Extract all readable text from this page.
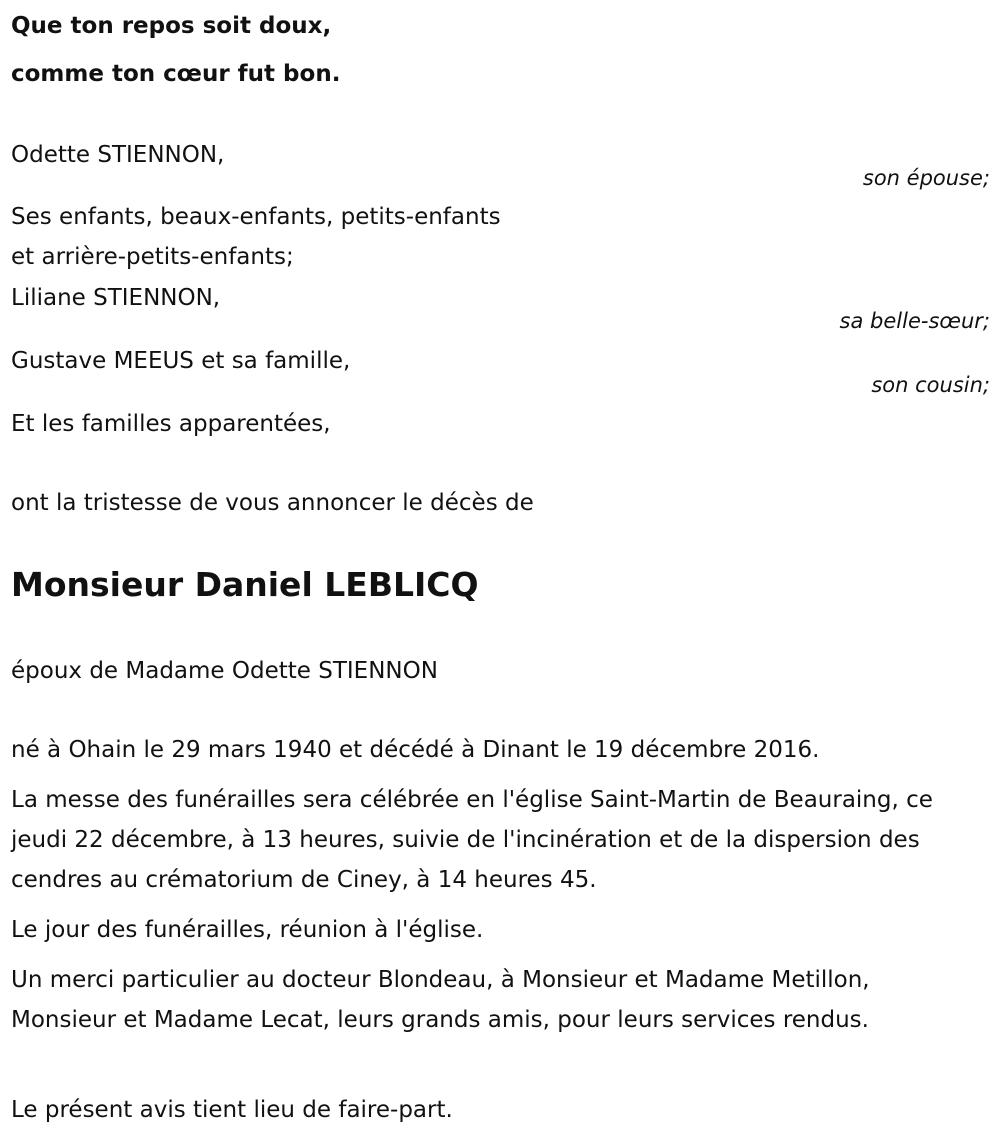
Que ton repos soit doux,
comme ton cœur fut bon.
Odette STIENNON,
son épouse;
Ses enfants, beaux-enfants, petits-enfants
et arrière-petits-enfants;
Liliane STIENNON,
sa belle-sœur;
Gustave MEEUS et sa famille,
son cousin;
Et les familles apparentées,
ont la tristesse de vous annoncer le décès de
Monsieur Daniel LEBLICQ
époux de Madame Odette STIENNON
né à Ohain le 29 mars 1940 et décédé à Dinant le 19 décembre 2016.
La messe des funérailles sera célébrée en l'église Saint-Martin de Beauraing, ce jeudi 22 décembre, à 13 heures, suivie de l'incinération et de la dispersion des cendres au crématorium de Ciney, à 14 heures 45.
Le jour des funérailles, réunion à l'église.
Un merci particulier au docteur Blondeau, à Monsieur et Madame Metillon, Monsieur et Madame Lecat, leurs grands amis, pour leurs services rendus.
Le présent avis tient lieu de faire-part.
